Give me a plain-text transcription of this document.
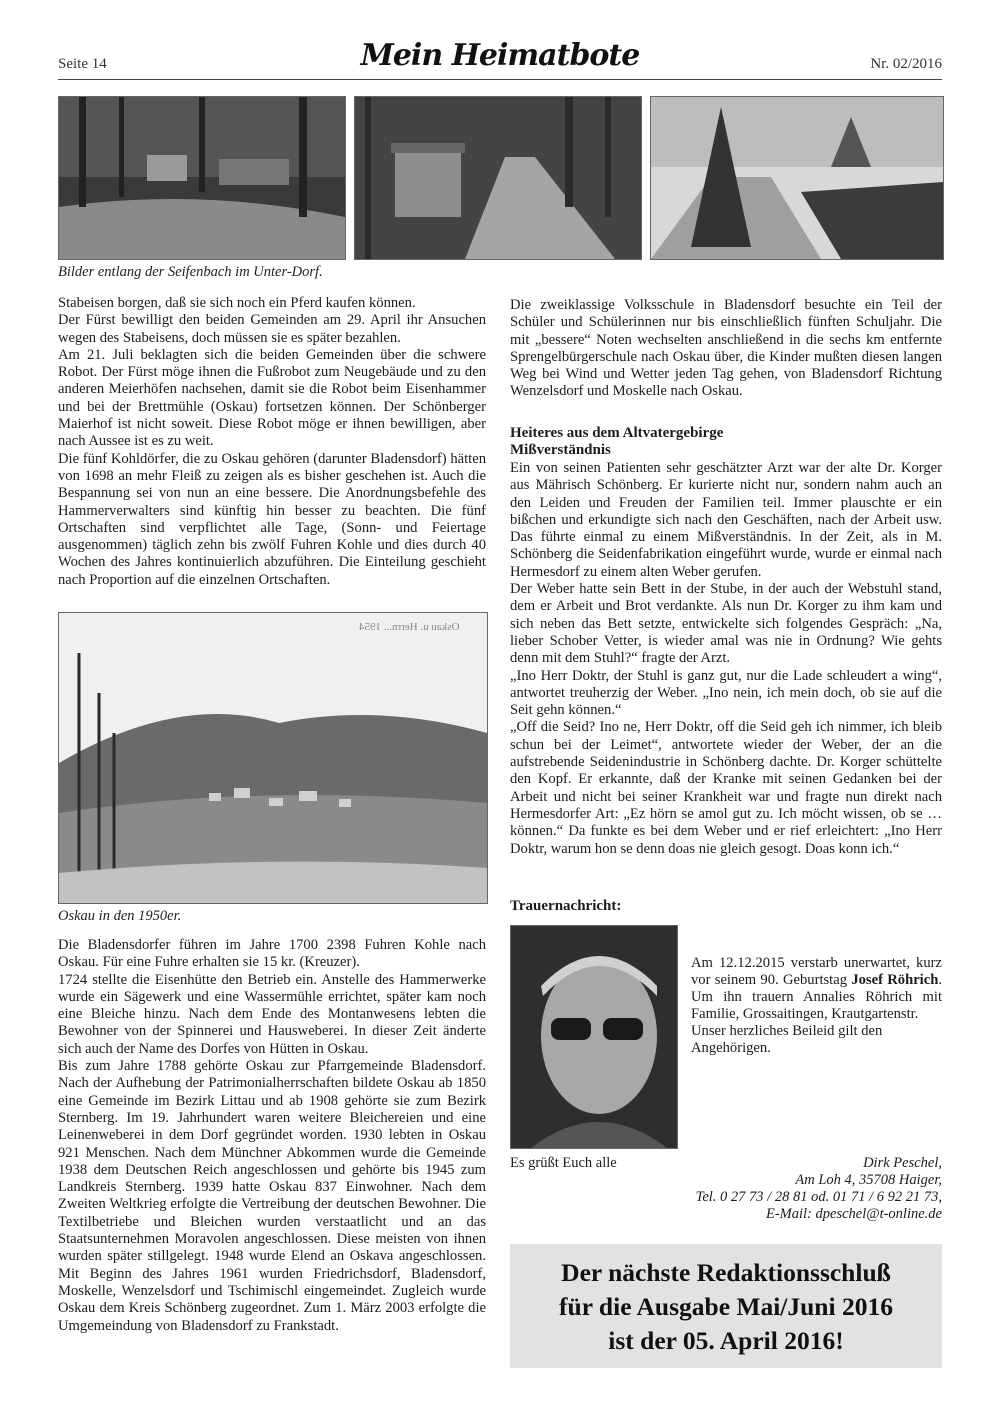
Seite 14	Mein Heimatbote	Nr. 02/2016
Bilder entlang der Seifenbach im Unter-Dorf.

Stabeisen borgen, daß sie sich noch ein Pferd kaufen können.

Der Fürst bewilligt den beiden Gemeinden am 29. April ihr Ansuchen wegen des Stabeisens, doch müssen sie es später bezahlen.

Am 21. Juli beklagten sich die beiden Gemeinden über die schwere Robot. Der Fürst möge ihnen die Fußrobot zum Neugebäude und zu den anderen Meierhöfen nachsehen, damit sie die Robot beim Eisenhammer und bei der Brettmühle (Oskau) fortsetzen können. Der Schönberger Maierhof ist nicht soweit. Diese Robot möge er ihnen bewilligen, aber nach Aussee ist es zu weit.

Die fünf Kohldörfer, die zu Oskau gehören (darunter Bladensdorf) hätten von 1698 an mehr Fleiß zu zeigen als es bisher geschehen ist. Auch die Bespannung sei von nun an eine bessere. Die Anordnungsbefehle des Hammerverwalters sind künftig hin besser zu beachten. Die fünf Ortschaften sind verpflichtet alle Tage, (Sonn- und Feiertage ausgenommen) täglich zehn bis zwölf Fuhren Kohle und dies durch 40 Wochen des Jahres kontinuierlich abzuführen. Die Einteilung geschieht nach Proportion auf die einzelnen Ortschaften.

Oskau u. Herrn... 1954
Oskau in den 1950er.

Die Bladensdorfer führen im Jahre 1700 2398 Fuhren Kohle nach Oskau. Für eine Fuhre erhalten sie 15 kr. (Kreuzer).

1724 stellte die Eisenhütte den Betrieb ein. Anstelle des Hammerwerke wurde ein Sägewerk und eine Wassermühle errichtet, später kam noch eine Bleiche hinzu. Nach dem Ende des Montanwesens lebten die Bewohner von der Spinnerei und Hausweberei. In dieser Zeit änderte sich auch der Name des Dorfes von Hütten in Oskau.

Bis zum Jahre 1788 gehörte Oskau zur Pfarrgemeinde Bladensdorf. Nach der Aufhebung der Patrimonialherrschaften bildete Oskau ab 1850 eine Gemeinde im Bezirk Littau und ab 1908 gehörte sie zum Bezirk Sternberg. Im 19. Jahrhundert waren weitere Bleichereien und eine Leinenweberei in dem Dorf gegründet worden. 1930 lebten in Oskau 921 Menschen. Nach dem Münchner Abkommen wurde die Gemeinde 1938 dem Deutschen Reich angeschlossen und gehörte bis 1945 zum Landkreis Sternberg. 1939 hatte Oskau 837 Einwohner. Nach dem Zweiten Weltkrieg erfolgte die Vertreibung der deutschen Bewohner. Die Textilbetriebe und Bleichen wurden verstaatlicht und an das Staatsunternehmen Moravolen angeschlossen. Diese meisten von ihnen wurden später stillgelegt. 1948 wurde Elend an Oskava angeschlossen. Mit Beginn des Jahres 1961 wurden Friedrichsdorf, Bladensdorf, Moskelle, Wenzelsdorf und Tschimischl eingemeindet. Zugleich wurde Oskau dem Kreis Schönberg zugeordnet. Zum 1. März 2003 erfolgte die Umgemeindung von Bladensdorf zu Frankstadt.

Die zweiklassige Volksschule in Bladensdorf besuchte ein Teil der Schüler und Schülerinnen nur bis einschließlich fünften Schuljahr. Die mit „bessere“ Noten wechselten anschließend in die sechs km entfernte Sprengelbürgerschule nach Oskau über, die Kinder mußten diesen langen Weg bei Wind und Wetter jeden Tag gehen, von Bladensdorf Richtung Wenzelsdorf und Moskelle nach Oskau.

Heiteres aus dem Altvatergebirge
Mißverständnis

Ein von seinen Patienten sehr geschätzter Arzt war der alte Dr. Korger aus Mährisch Schönberg. Er kurierte nicht nur, sondern nahm auch an den Leiden und Freuden der Familien teil. Immer plauschte er ein bißchen und erkundigte sich nach den Geschäften, nach der Arbeit usw. Das führte einmal zu einem Mißverständnis. In der Zeit, als in M. Schönberg die Seidenfabrikation eingeführt wurde, wurde er einmal nach Hermesdorf zu einem alten Weber gerufen.

Der Weber hatte sein Bett in der Stube, in der auch der Webstuhl stand, dem er Arbeit und Brot verdankte. Als nun Dr. Korger zu ihm kam und sich neben das Bett setzte, entwickelte sich folgendes Gespräch: „Na, lieber Schober Vetter, is wieder amal was nie in Ordnung? Wie gehts denn mit dem Stuhl?“ fragte der Arzt.

„Ino Herr Doktr, der Stuhl is ganz gut, nur die Lade schleudert a wing“, antwortet treuherzig der Weber. „Ino nein, ich mein doch, ob sie auf die Seit gehn können.“

„Off die Seid? Ino ne, Herr Doktr, off die Seid geh ich nimmer, ich bleib schun bei der Leimet“, antwortete wieder der Weber, der an die aufstrebende Seidenindustrie in Schönberg dachte. Dr. Korger schüttelte den Kopf. Er erkannte, daß der Kranke mit seinen Gedanken bei der Arbeit und nicht bei seiner Krankheit war und fragte nun direkt nach Hermesdorfer Art: „Ez hörn se amol gut zu. Ich möcht wissen, ob se … können.“ Da funkte es bei dem Weber und er rief erleichtert: „Ino Herr Doktr, warum hon se denn doas nie gleich gesogt. Doas konn ich.“

Trauernachricht:

Am 12.12.2015 verstarb unerwartet, kurz vor seinem 90. Geburtstag Josef Röhrich. Um ihn trauern Annalies Röhrich mit Familie, Grossaitingen, Krautgartenstr.

Unser herzliches Beileid gilt den Angehörigen.

Es grüßt Euch alle	Dirk Peschel,
Am Loh 4, 35708 Haiger,
Tel. 0 27 73 / 28 81 od. 01 71 / 6 92 21 73,
E-Mail: dpeschel@t-online.de
Der nächste Redaktionsschluß
für die Ausgabe Mai/Juni 2016
ist der 05. April 2016!
